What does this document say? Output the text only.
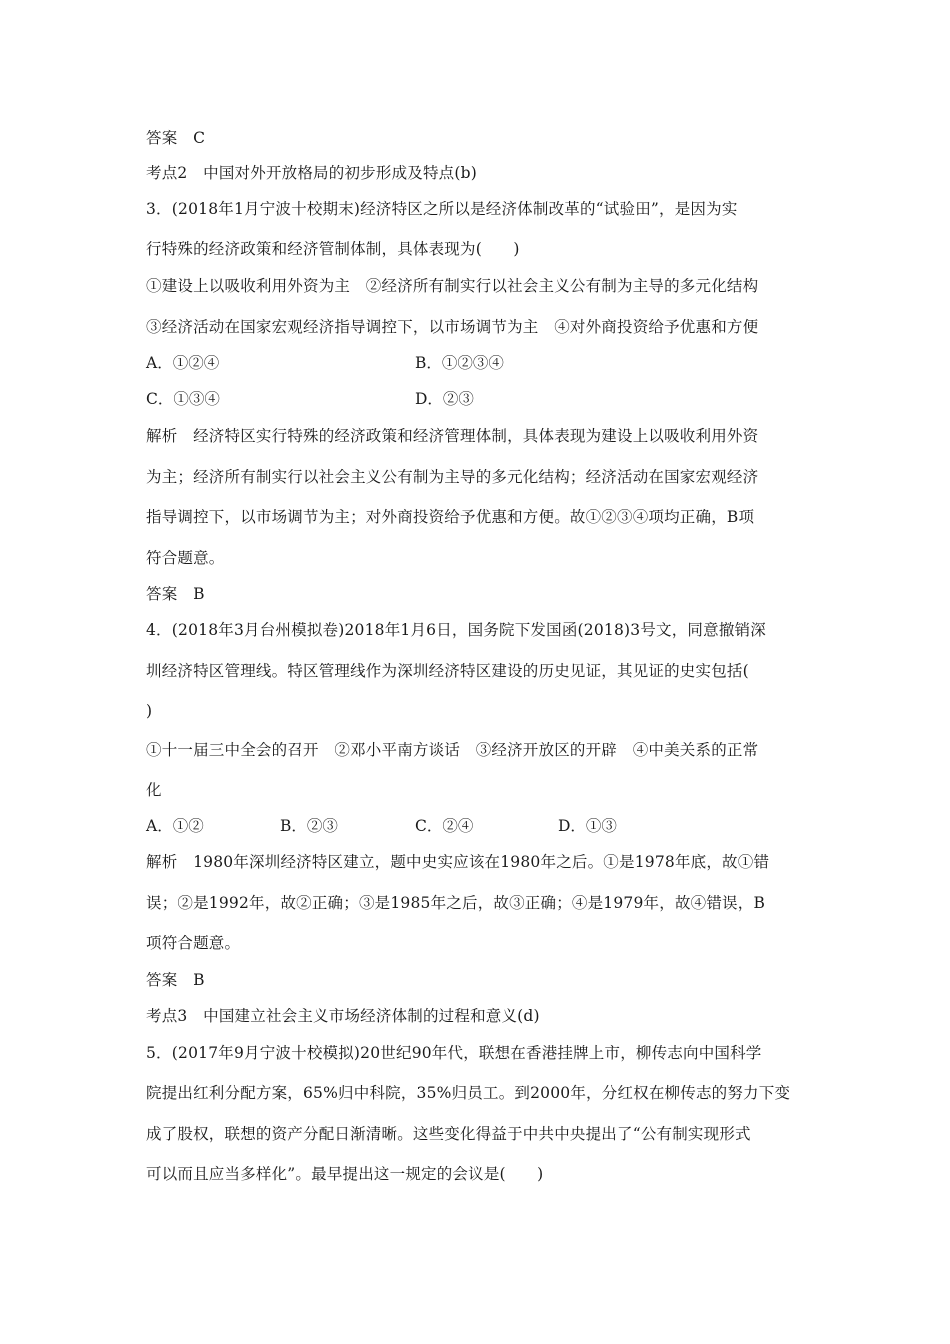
答案　C
考点2　中国对外开放格局的初步形成及特点(b)
3．(2018年1月宁波十校期末)经济特区之所以是经济体制改革的“试验田”，是因为实
行特殊的经济政策和经济管制体制，具体表现为(　　)
①建设上以吸收利用外资为主　②经济所有制实行以社会主义公有制为主导的多元化结构
③经济活动在国家宏观经济指导调控下，以市场调节为主　④对外商投资给予优惠和方便
A．①②④	B．①②③④
C．①③④	D．②③
解析　经济特区实行特殊的经济政策和经济管理体制，具体表现为建设上以吸收利用外资
为主；经济所有制实行以社会主义公有制为主导的多元化结构；经济活动在国家宏观经济
指导调控下，以市场调节为主；对外商投资给予优惠和方便。故①②③④项均正确，B项
符合题意。
答案　B
4．(2018年3月台州模拟卷)2018年1月6日，国务院下发国函(2018)3号文，同意撤销深
圳经济特区管理线。特区管理线作为深圳经济特区建设的历史见证，其见证的史实包括(
)
①十一届三中全会的召开　②邓小平南方谈话　③经济开放区的开辟　④中美关系的正常
化
A．①②	B．②③	C．②④	D．①③
解析　1980年深圳经济特区建立，题中史实应该在1980年之后。①是1978年底，故①错
误；②是1992年，故②正确；③是1985年之后，故③正确；④是1979年，故④错误，B
项符合题意。
答案　B
考点3　中国建立社会主义市场经济体制的过程和意义(d)
5．(2017年9月宁波十校模拟)20世纪90年代，联想在香港挂牌上市，柳传志向中国科学
院提出红利分配方案，65%归中科院，35%归员工。到2000年，分红权在柳传志的努力下变
成了股权，联想的资产分配日渐清晰。这些变化得益于中共中央提出了“公有制实现形式
可以而且应当多样化”。最早提出这一规定的会议是(　　)
